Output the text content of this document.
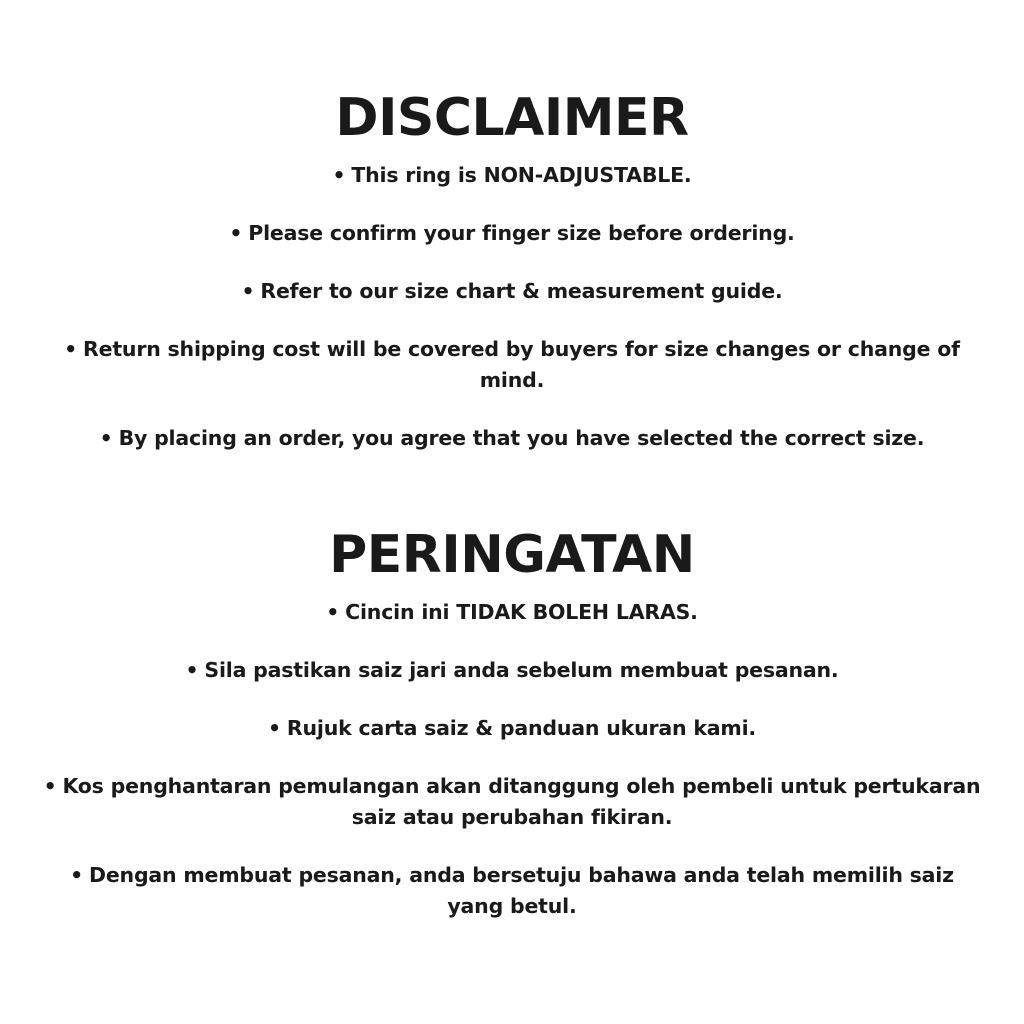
DISCLAIMER
• This ring is NON-ADJUSTABLE.
• Please confirm your finger size before ordering.
• Refer to our size chart & measurement guide.
• Return shipping cost will be covered by buyers for size changes or change of mind.
• By placing an order, you agree that you have selected the correct size.
PERINGATAN
• Cincin ini TIDAK BOLEH LARAS.
• Sila pastikan saiz jari anda sebelum membuat pesanan.
• Rujuk carta saiz & panduan ukuran kami.
• Kos penghantaran pemulangan akan ditanggung oleh pembeli untuk pertukaran saiz atau perubahan fikiran.
• Dengan membuat pesanan, anda bersetuju bahawa anda telah memilih saiz yang betul.
